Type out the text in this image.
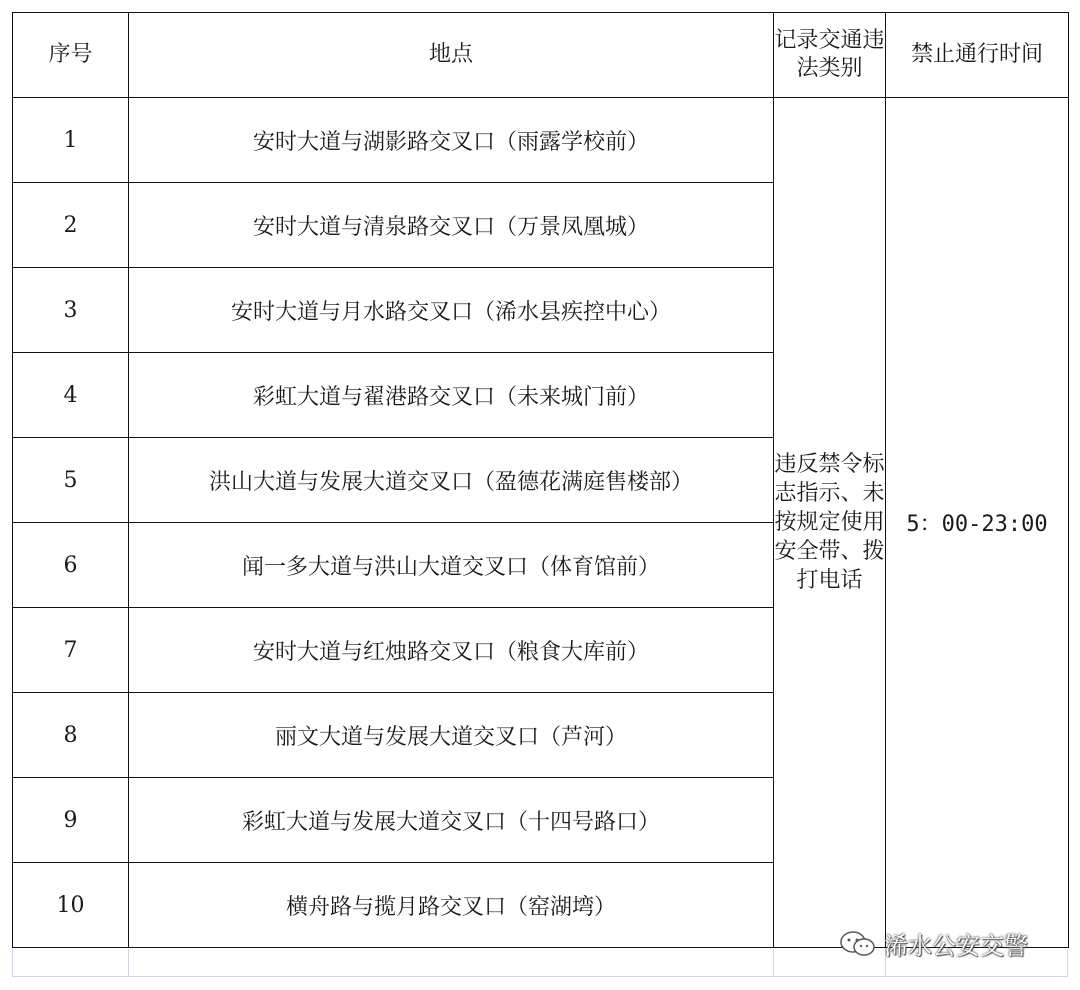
序号	地点	记录交通违法类别	禁止通行时间
1	安时大道与湖影路交叉口（雨露学校前）	违反禁令标志指示、未按规定使用安全带、拨打电话	5：00-23:00
2	安时大道与清泉路交叉口（万景凤凰城）		
3	安时大道与月水路交叉口（浠水县疾控中心）		
4	彩虹大道与翟港路交叉口（未来城门前）		
5	洪山大道与发展大道交叉口（盈德花满庭售楼部）		
6	闻一多大道与洪山大道交叉口（体育馆前）		
7	安时大道与红烛路交叉口（粮食大库前）		
8	丽文大道与发展大道交叉口（芦河）		
9	彩虹大道与发展大道交叉口（十四号路口）		
10	横舟路与揽月路交叉口（窑湖塆）		
浠水公安交警
